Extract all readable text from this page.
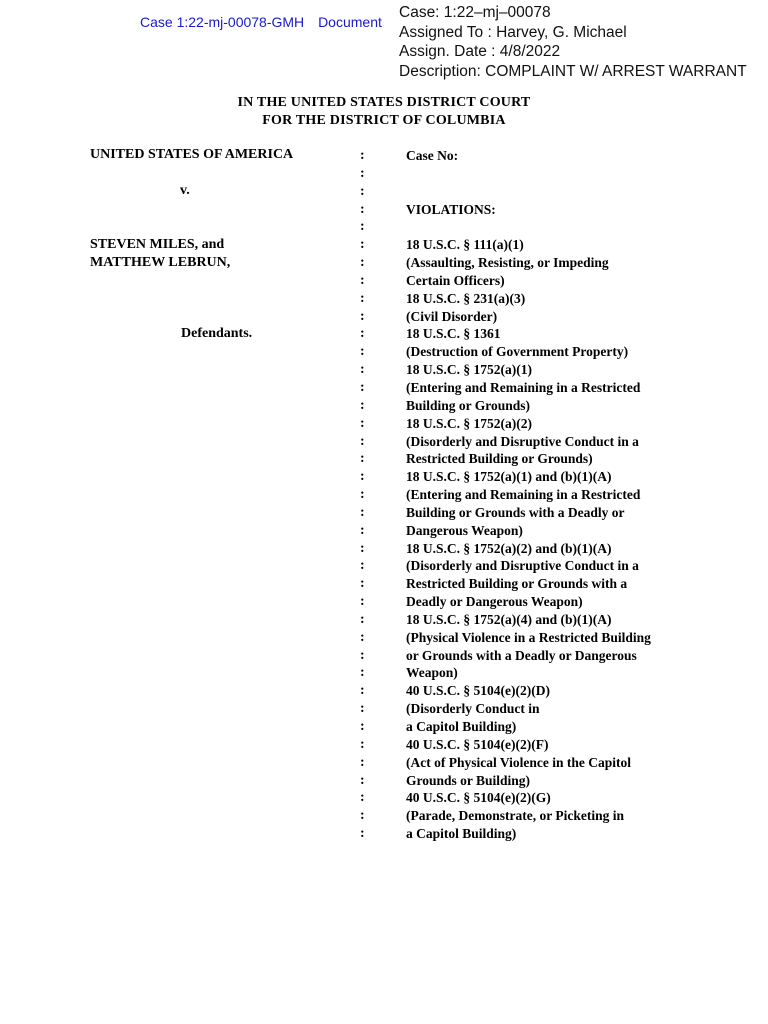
Case 1:22-mj-00078-GMH Document
Case: 1:22–mj–00078
Assigned To : Harvey, G. Michael
Assign. Date : 4/8/2022
Description: COMPLAINT W/ ARREST WARRANT
IN THE UNITED STATES DISTRICT COURT
FOR THE DISTRICT OF COLUMBIA
UNITED STATES OF AMERICA
v.
STEVEN MILES, and
MATTHEW LEBRUN,
Defendants.
:
:
:
:
:
:
:
:
:
:
:
:
:
:
:
:
:
:
:
:
:
:
:
:
:
:
:
:
:
:
:
:
:
:
:
:
:
:
:
Case No:
VIOLATIONS:
18 U.S.C. § 111(a)(1)
(Assaulting, Resisting, or Impeding
Certain Officers)
18 U.S.C. § 231(a)(3)
(Civil Disorder)
18 U.S.C. § 1361
(Destruction of Government Property)
18 U.S.C. § 1752(a)(1)
(Entering and Remaining in a Restricted
Building or Grounds)
18 U.S.C. § 1752(a)(2)
(Disorderly and Disruptive Conduct in a
Restricted Building or Grounds)
18 U.S.C. § 1752(a)(1) and (b)(1)(A)
(Entering and Remaining in a Restricted
Building or Grounds with a Deadly or
Dangerous Weapon)
18 U.S.C. § 1752(a)(2) and (b)(1)(A)
(Disorderly and Disruptive Conduct in a
Restricted Building or Grounds with a
Deadly or Dangerous Weapon)
18 U.S.C. § 1752(a)(4) and (b)(1)(A)
(Physical Violence in a Restricted Building
or Grounds with a Deadly or Dangerous
Weapon)
40 U.S.C. § 5104(e)(2)(D)
(Disorderly Conduct in
a Capitol Building)
40 U.S.C. § 5104(e)(2)(F)
(Act of Physical Violence in the Capitol
Grounds or Building)
40 U.S.C. § 5104(e)(2)(G)
(Parade, Demonstrate, or Picketing in
a Capitol Building)
